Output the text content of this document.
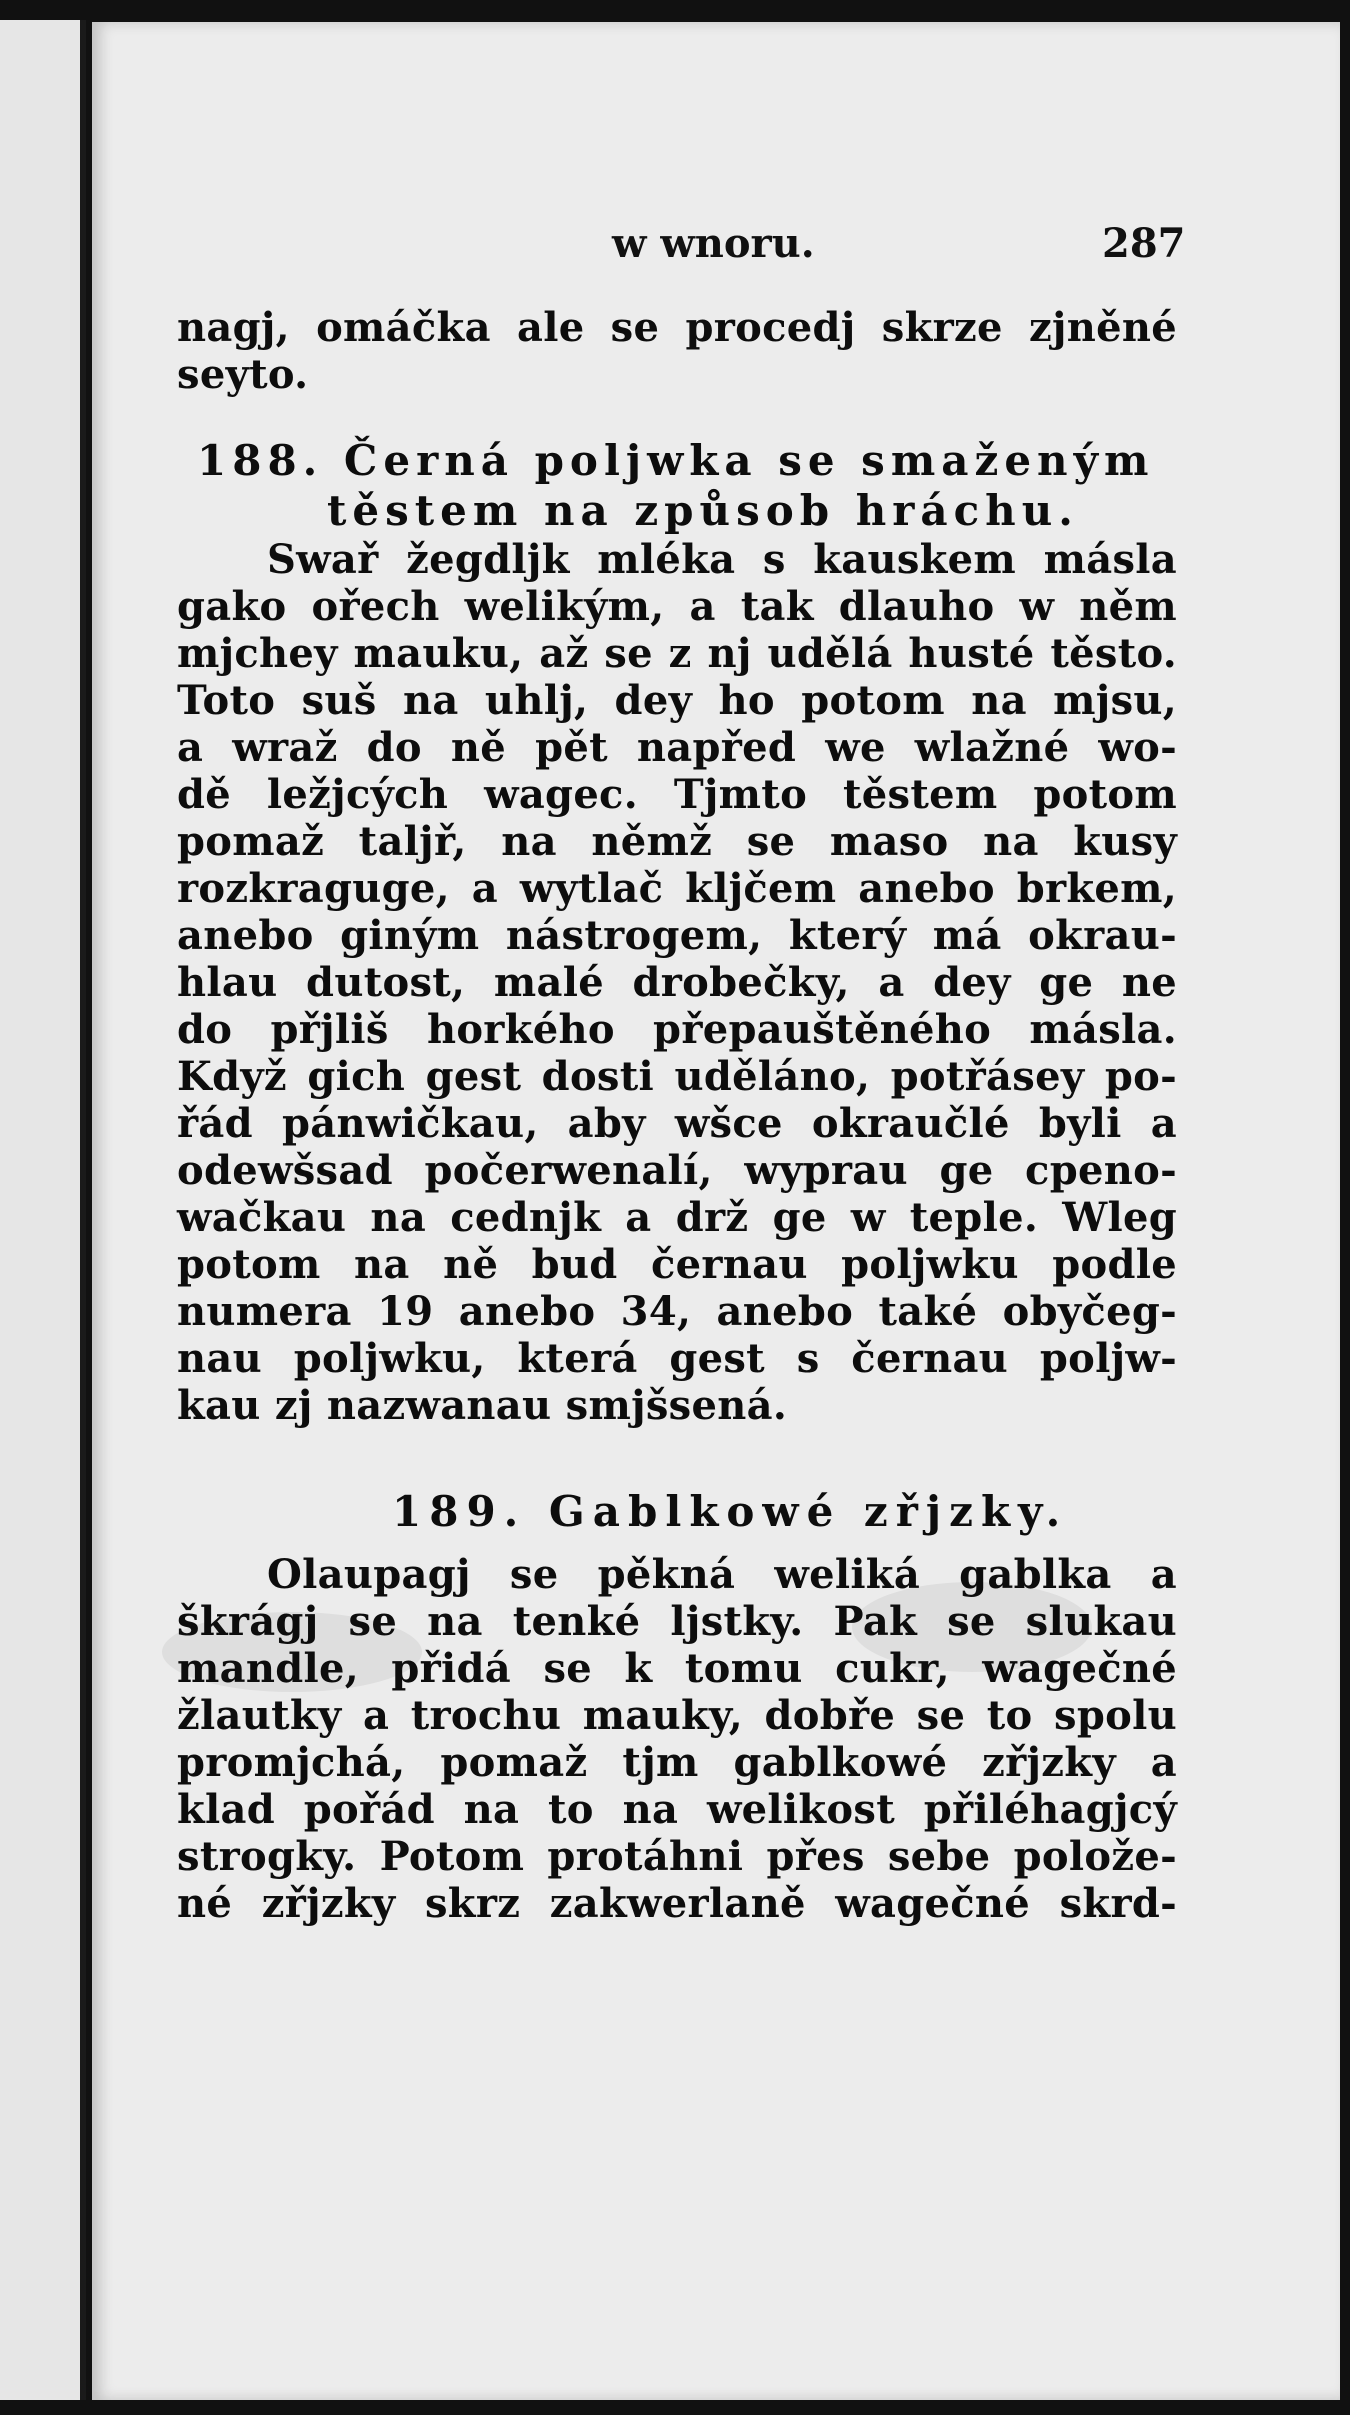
w wnoru.	287
nagj, omáčka ale se procedj skrze zjněné
seyto.
188. Černá poljwka se smaženým
těstem na způsob hráchu.
Swař žegdljk mléka s kauskem másla
gako ořech welikým, a tak dlauho w něm
mjchey mauku, až se z nj udělá husté těsto.
Toto suš na uhlj, dey ho potom na mjsu,
a wraž do ně pět napřed we wlažné wo-
dě ležjcých wagec. Tjmto těstem potom
pomaž taljř, na němž se maso na kusy
rozkraguge, a wytlač kljčem anebo brkem,
anebo giným nástrogem, který má okrau-
hlau dutost, malé drobečky, a dey ge ne
do přjliš horkého přepauštěného másla.
Když gich gest dosti uděláno, potřásey po-
řád pánwičkau, aby wšce okraučlé byli a
odewšsad počerwenalí, wyprau ge cpeno-
wačkau na cednjk a drž ge w teple. Wleg
potom na ně bud černau poljwku podle
numera 19 anebo 34, anebo také obyčeg-
nau poljwku, která gest s černau poljw-
kau zj nazwanau smjšsená.
189. Gablkowé zřjzky.
Olaupagj se pěkná weliká gablka a
škrágj se na tenké ljstky. Pak se slukau
mandle, přidá se k tomu cukr, wagečné
žlautky a trochu mauky, dobře se to spolu
promjchá, pomaž tjm gablkowé zřjzky a
klad pořád na to na welikost přiléhagjcý
strogky. Potom protáhni přes sebe polože-
né zřjzky skrz zakwerlaně wagečné skrd-
